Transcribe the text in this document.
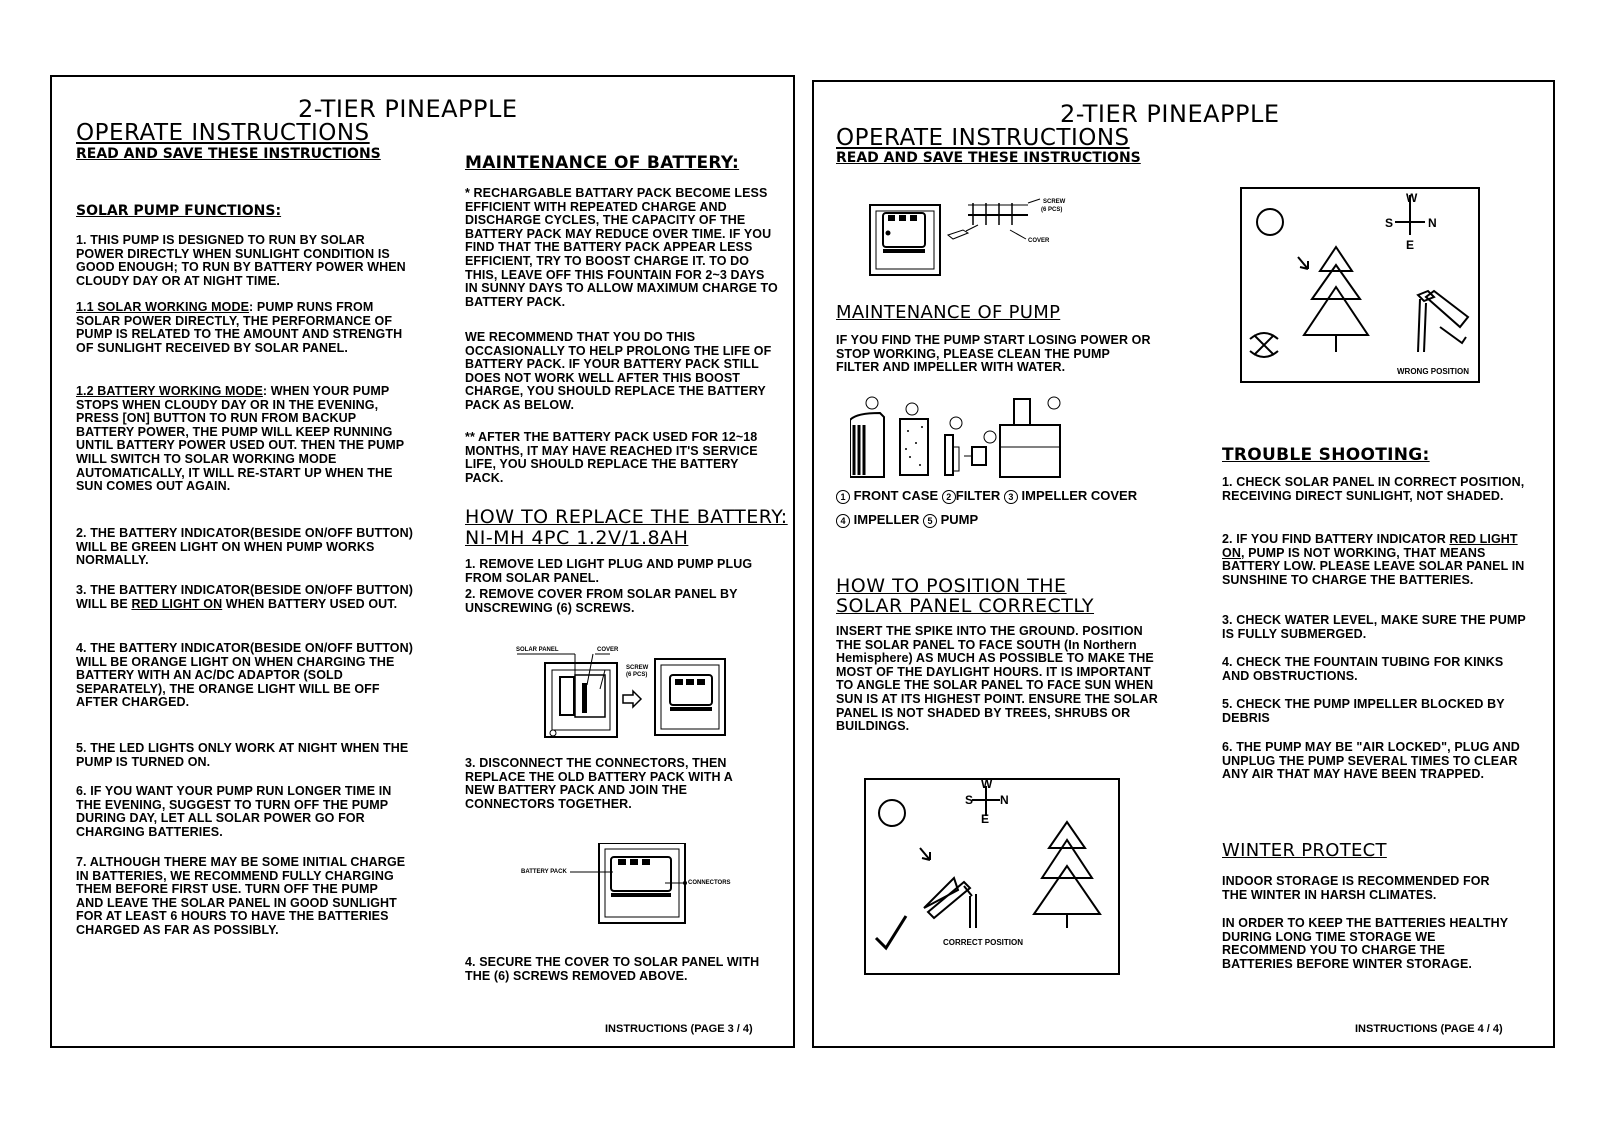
2-TIER PINEAPPLE
OPERATE INSTRUCTIONS
READ AND SAVE THESE INSTRUCTIONS
SOLAR PUMP FUNCTIONS:
1. THIS PUMP IS DESIGNED TO RUN BY SOLAR POWER DIRECTLY WHEN SUNLIGHT CONDITION IS GOOD ENOUGH; TO RUN BY BATTERY POWER WHEN CLOUDY DAY OR AT NIGHT TIME.
1.1 SOLAR WORKING MODE: PUMP RUNS FROM SOLAR POWER DIRECTLY, THE PERFORMANCE OF PUMP IS RELATED TO THE AMOUNT AND STRENGTH OF SUNLIGHT RECEIVED BY SOLAR PANEL.
1.2 BATTERY WORKING MODE: WHEN YOUR PUMP STOPS WHEN CLOUDY DAY OR IN THE EVENING, PRESS [ON] BUTTON TO RUN FROM BACKUP BATTERY POWER, THE PUMP WILL KEEP RUNNING UNTIL BATTERY POWER USED OUT. THEN THE PUMP WILL SWITCH TO SOLAR WORKING MODE AUTOMATICALLY, IT WILL RE-START UP WHEN THE SUN COMES OUT AGAIN.
2. THE BATTERY INDICATOR(BESIDE ON/OFF BUTTON) WILL BE GREEN LIGHT ON WHEN PUMP WORKS NORMALLY.
3. THE BATTERY INDICATOR(BESIDE ON/OFF BUTTON) WILL BE RED LIGHT ON WHEN BATTERY USED OUT.
4. THE BATTERY INDICATOR(BESIDE ON/OFF BUTTON) WILL BE ORANGE LIGHT ON WHEN CHARGING THE BATTERY WITH AN AC/DC ADAPTOR (SOLD SEPARATELY), THE ORANGE LIGHT WILL BE OFF AFTER CHARGED.
5. THE LED LIGHTS ONLY WORK AT NIGHT WHEN THE PUMP IS TURNED ON.
6. IF YOU WANT YOUR PUMP RUN LONGER TIME IN THE EVENING, SUGGEST TO TURN OFF THE PUMP DURING DAY, LET ALL SOLAR POWER GO FOR CHARGING BATTERIES.
7. ALTHOUGH THERE MAY BE SOME INITIAL CHARGE IN BATTERIES, WE RECOMMEND FULLY CHARGING THEM BEFORE FIRST USE. TURN OFF THE PUMP AND LEAVE THE SOLAR PANEL IN GOOD SUNLIGHT FOR AT LEAST 6 HOURS TO HAVE THE BATTERIES CHARGED AS FAR AS POSSIBLY.
MAINTENANCE OF BATTERY:
* RECHARGABLE BATTARY PACK BECOME LESS EFFICIENT WITH REPEATED CHARGE AND DISCHARGE CYCLES, THE CAPACITY OF THE BATTERY PACK MAY REDUCE OVER TIME. IF YOU FIND THAT THE BATTERY PACK APPEAR LESS EFFICIENT, TRY TO BOOST CHARGE IT. TO DO THIS, LEAVE OFF THIS FOUNTAIN FOR 2~3 DAYS IN SUNNY DAYS TO ALLOW MAXIMUM CHARGE TO BATTERY PACK.
WE RECOMMEND THAT YOU DO THIS OCCASIONALLY TO HELP PROLONG THE LIFE OF BATTERY PACK. IF YOUR BATTERY PACK STILL DOES NOT WORK WELL AFTER THIS BOOST CHARGE, YOU SHOULD REPLACE THE BATTERY PACK AS BELOW.
** AFTER THE BATTERY PACK USED FOR 12~18 MONTHS, IT MAY HAVE REACHED IT'S SERVICE LIFE, YOU SHOULD REPLACE THE BATTERY PACK.
HOW TO REPLACE THE BATTERY:
NI-MH 4PC 1.2V/1.8AH
1. REMOVE LED LIGHT PLUG AND PUMP PLUG FROM SOLAR PANEL.
2. REMOVE COVER FROM SOLAR PANEL BY UNSCREWING (6) SCREWS.
SOLAR PANEL	COVER
SCREW
(6 PCS)
3. DISCONNECT THE CONNECTORS, THEN REPLACE THE OLD BATTERY PACK WITH A NEW BATTERY PACK AND JOIN THE CONNECTORS TOGETHER.
BATTERY PACK
CONNECTORS
4. SECURE THE COVER TO SOLAR PANEL WITH THE (6) SCREWS REMOVED ABOVE.
INSTRUCTIONS (PAGE 3 / 4)
2-TIER PINEAPPLE
OPERATE INSTRUCTIONS
READ AND SAVE THESE INSTRUCTIONS
SCREW
(6 PCS)
COVER
MAINTENANCE OF PUMP
IF YOU FIND THE PUMP START LOSING POWER OR STOP WORKING, PLEASE CLEAN THE PUMP FILTER AND IMPELLER WITH WATER.
1 FRONT CASE 2 FILTER 3 IMPELLER COVER
4 IMPELLER 5 PUMP
HOW TO POSITION THE SOLAR PANEL CORRECTLY
INSERT THE SPIKE INTO THE GROUND. POSITION THE SOLAR PANEL TO FACE SOUTH (In Northern Hemisphere) AS MUCH AS POSSIBLE TO MAKE THE MOST OF THE DAYLIGHT HOURS. IT IS IMPORTANT TO ANGLE THE SOLAR PANEL TO FACE SUN WHEN SUN IS AT ITS HIGHEST POINT. ENSURE THE SOLAR PANEL IS NOT SHADED BY TREES, SHRUBS OR BUILDINGS.
W
S N
E
CORRECT POSITION
W
S	N
E
WRONG POSITION
TROUBLE SHOOTING:
1. CHECK SOLAR PANEL IN CORRECT POSITION, RECEIVING DIRECT SUNLIGHT, NOT SHADED.
2. IF YOU FIND BATTERY INDICATOR RED LIGHT ON, PUMP IS NOT WORKING, THAT MEANS BATTERY LOW. PLEASE LEAVE SOLAR PANEL IN SUNSHINE TO CHARGE THE BATTERIES.
3. CHECK WATER LEVEL, MAKE SURE THE PUMP IS FULLY SUBMERGED.
4. CHECK THE FOUNTAIN TUBING FOR KINKS AND OBSTRUCTIONS.
5. CHECK THE PUMP IMPELLER BLOCKED BY DEBRIS
6. THE PUMP MAY BE "AIR LOCKED", PLUG AND UNPLUG THE PUMP SEVERAL TIMES TO CLEAR ANY AIR THAT MAY HAVE BEEN TRAPPED.
WINTER PROTECT
INDOOR STORAGE IS RECOMMENDED FOR THE WINTER IN HARSH CLIMATES.
IN ORDER TO KEEP THE BATTERIES HEALTHY DURING LONG TIME STORAGE WE RECOMMEND YOU TO CHARGE THE BATTERIES BEFORE WINTER STORAGE.
INSTRUCTIONS (PAGE 4 / 4)
